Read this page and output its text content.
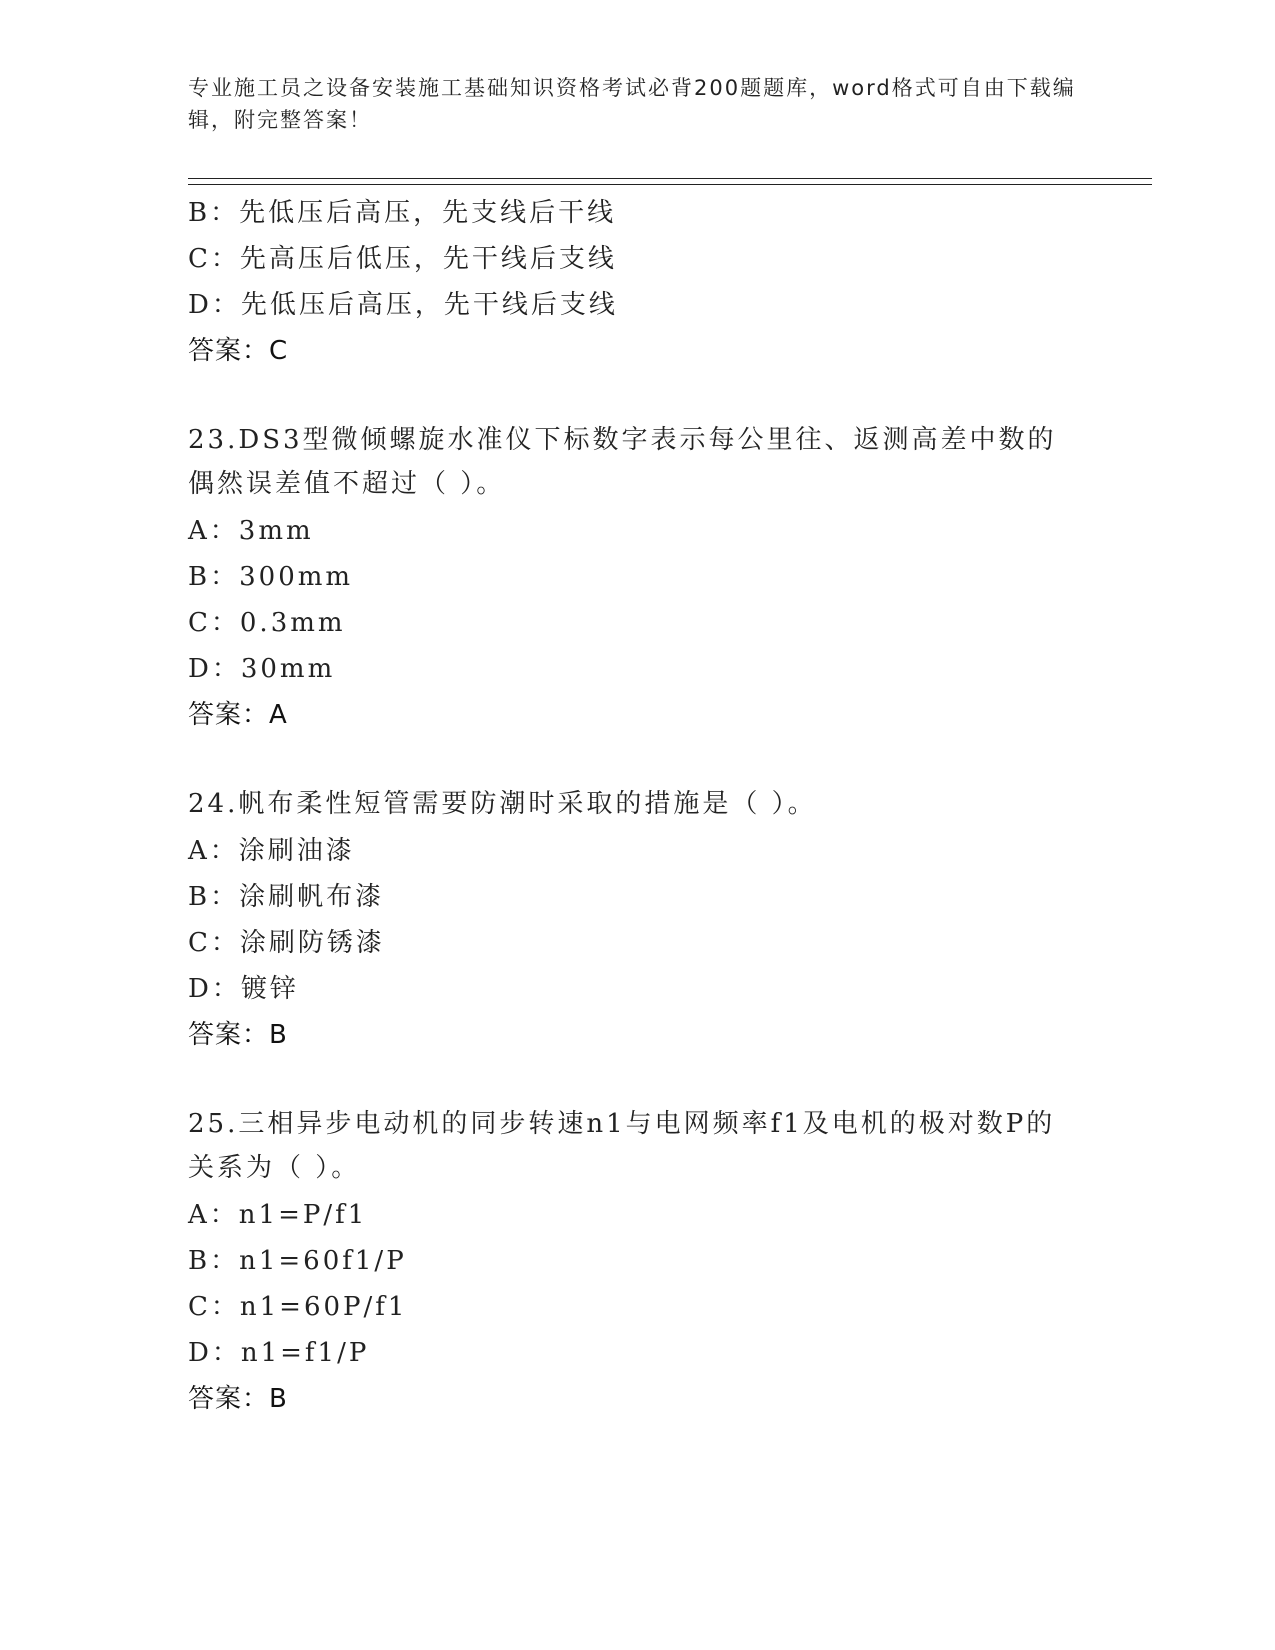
专业施工员之设备安装施工基础知识资格考试必背200题题库，word格式可自由下载编辑，附完整答案！
B：先低压后高压，先支线后干线
C：先高压后低压，先干线后支线
D：先低压后高压，先干线后支线
答案：C
23.DS3型微倾螺旋水准仪下标数字表示每公里往、返测高差中数的偶然误差值不超过（ ）。
A：3mm
B：300mm
C：0.3mm
D：30mm
答案：A
24.帆布柔性短管需要防潮时采取的措施是（ ）。
A：涂刷油漆
B：涂刷帆布漆
C：涂刷防锈漆
D：镀锌
答案：B
25.三相异步电动机的同步转速n1与电网频率f1及电机的极对数P的关系为（ ）。
A：n1=P/f1
B：n1=60f1/P
C：n1=60P/f1
D：n1=f1/P
答案：B
